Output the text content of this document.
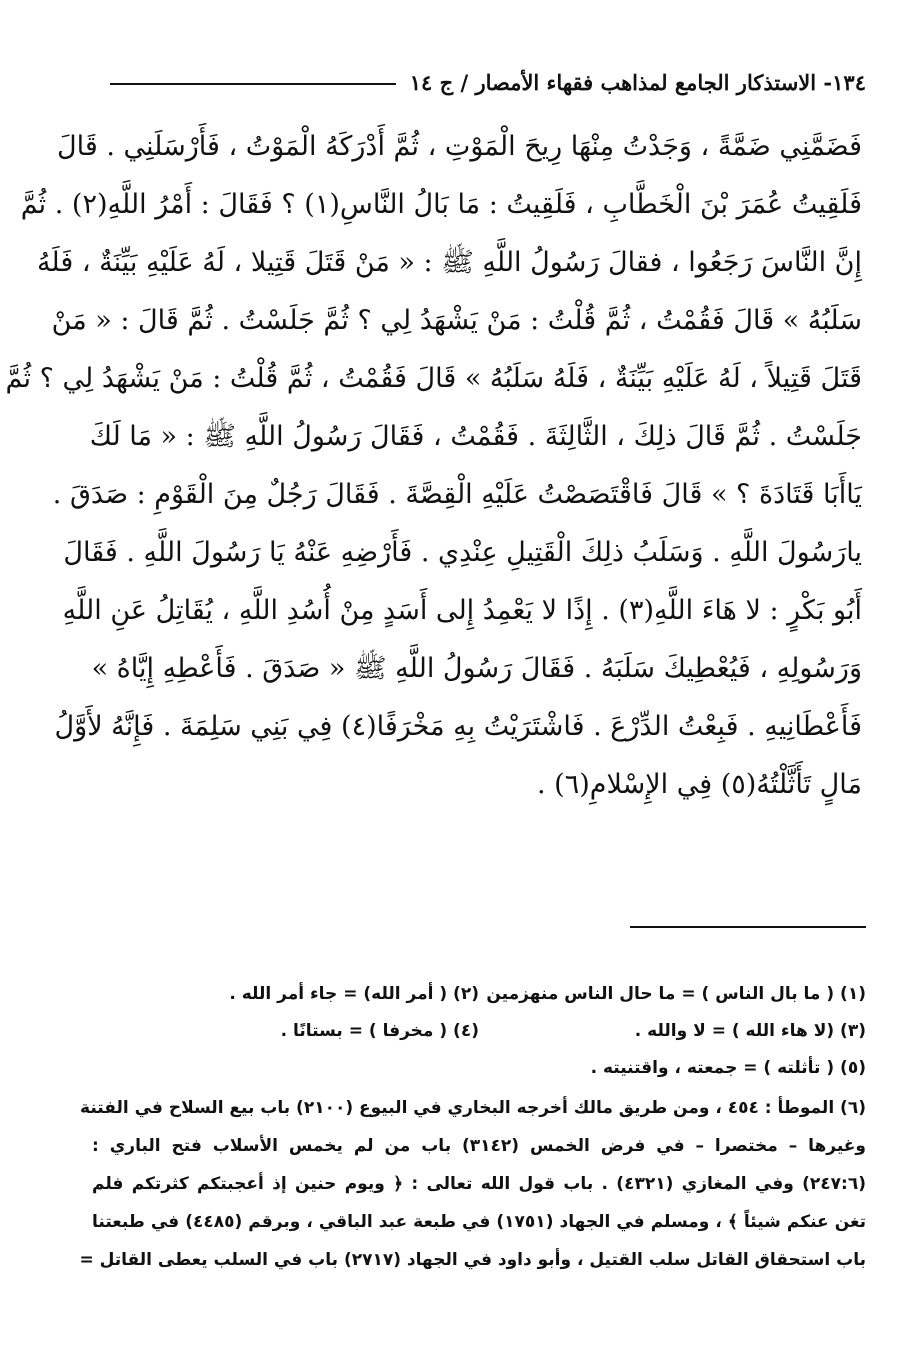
١٣٤- الاستذكار الجامع لمذاهب فقهاء الأمصار / ج ١٤
فَضَمَّنِي ضَمَّةً ، وَجَدْتُ مِنْهَا رِيحَ الْمَوْتِ ، ثُمَّ أَدْرَكَهُ الْمَوْتُ ، فَأَرْسَلَنِي . قَالَ
فَلَقِيتُ عُمَرَ بْنَ الْخَطَّابِ ، فَلَقِيتُ : مَا بَالُ النَّاسِ(١) ؟ فَقَالَ : أَمْرُ اللَّهِ(٢) . ثُمَّ
إِنَّ النَّاسَ رَجَعُوا ، فقالَ رَسُولُ اللَّهِ ﷺ : « مَنْ قَتَلَ قَتِيلا ، لَهُ عَلَيْهِ بَيِّنَةٌ ، فَلَهُ
سَلَبُهُ » قَالَ فَقُمْتُ ، ثُمَّ قُلْتُ : مَنْ يَشْهَدُ لِي ؟ ثُمَّ جَلَسْتُ . ثُمَّ قَالَ : « مَنْ
قَتَلَ قَتِيلاً ، لَهُ عَلَيْهِ بَيِّنَةٌ ، فَلَهُ سَلَبُهُ » قَالَ فَقُمْتُ ، ثُمَّ قُلْتُ : مَنْ يَشْهَدُ لِي ؟ ثُمَّ
جَلَسْتُ . ثُمَّ قَالَ ذلِكَ ، الثَّالِثَةَ . فَقُمْتُ ، فَقَالَ رَسُولُ اللَّهِ ﷺ : « مَا لَكَ
يَاأَبَا قَتَادَةَ ؟ » قَالَ فَاقْتَصَصْتُ عَلَيْهِ الْقِصَّةَ . فَقَالَ رَجُلٌ مِنَ الْقَوْمِ : صَدَقَ .
يارَسُولَ اللَّهِ . وَسَلَبُ ذلِكَ الْقَتِيلِ عِنْدِي . فَأَرْضِهِ عَنْهُ يَا رَسُولَ اللَّهِ . فَقَالَ
أَبُو بَكْرٍ : لا هَاءَ اللَّهِ(٣) . إِذًا لا يَعْمِدُ إِلى أَسَدٍ مِنْ أُسُدِ اللَّهِ ، يُقَاتِلُ عَنِ اللَّهِ
وَرَسُولِهِ ، فَيُعْطِيكَ سَلَبَهُ . فَقَالَ رَسُولُ اللَّهِ ﷺ « صَدَقَ . فَأَعْطِهِ إِيَّاهُ »
فَأَعْطَانِيهِ . فَبِعْتُ الدِّرْعَ . فَاشْتَرَيْتُ بِهِ مَخْرَفًا(٤) فِي بَنِي سَلِمَةَ . فَإِنَّهُ لأَوَّلُ
مَالٍ تَأَثَّلْتُهُ(٥) فِي الإِسْلامِ(٦) .
(١) ( ما بال الناس ) = ما حال الناس منهزمين
(٢) ( أمر الله) = جاء أمر الله .
(٣) (لا هاء الله ) = لا والله .
(٤) ( مخرفا ) = بستانًا .
(٥) ( تأثلته ) = جمعته ، واقتنيته .
(٦) الموطأ : ٤٥٤ ، ومن طريق مالك أخرجه البخاري في البيوع (٢١٠٠) باب بيع السلاح في الفتنة
وغيرها – مختصرا – في فرض الخمس (٣١٤٢) باب من لم يخمس الأسلاب فتح الباري :
(٢٤٧:٦) وفي المغازي (٤٣٢١) . باب قول الله تعالى : ﴿ ويوم حنين إذ أعجبتكم كثرتكم فلم
تغن عنكم شيئاً ﴾ ، ومسلم في الجهاد (١٧٥١) في طبعة عبد الباقي ، وبرقم (٤٤٨٥) في طبعتنا
باب استحقاق القاتل سلب القتيل ، وأبو داود في الجهاد (٢٧١٧) باب في السلب يعطى القاتل =
